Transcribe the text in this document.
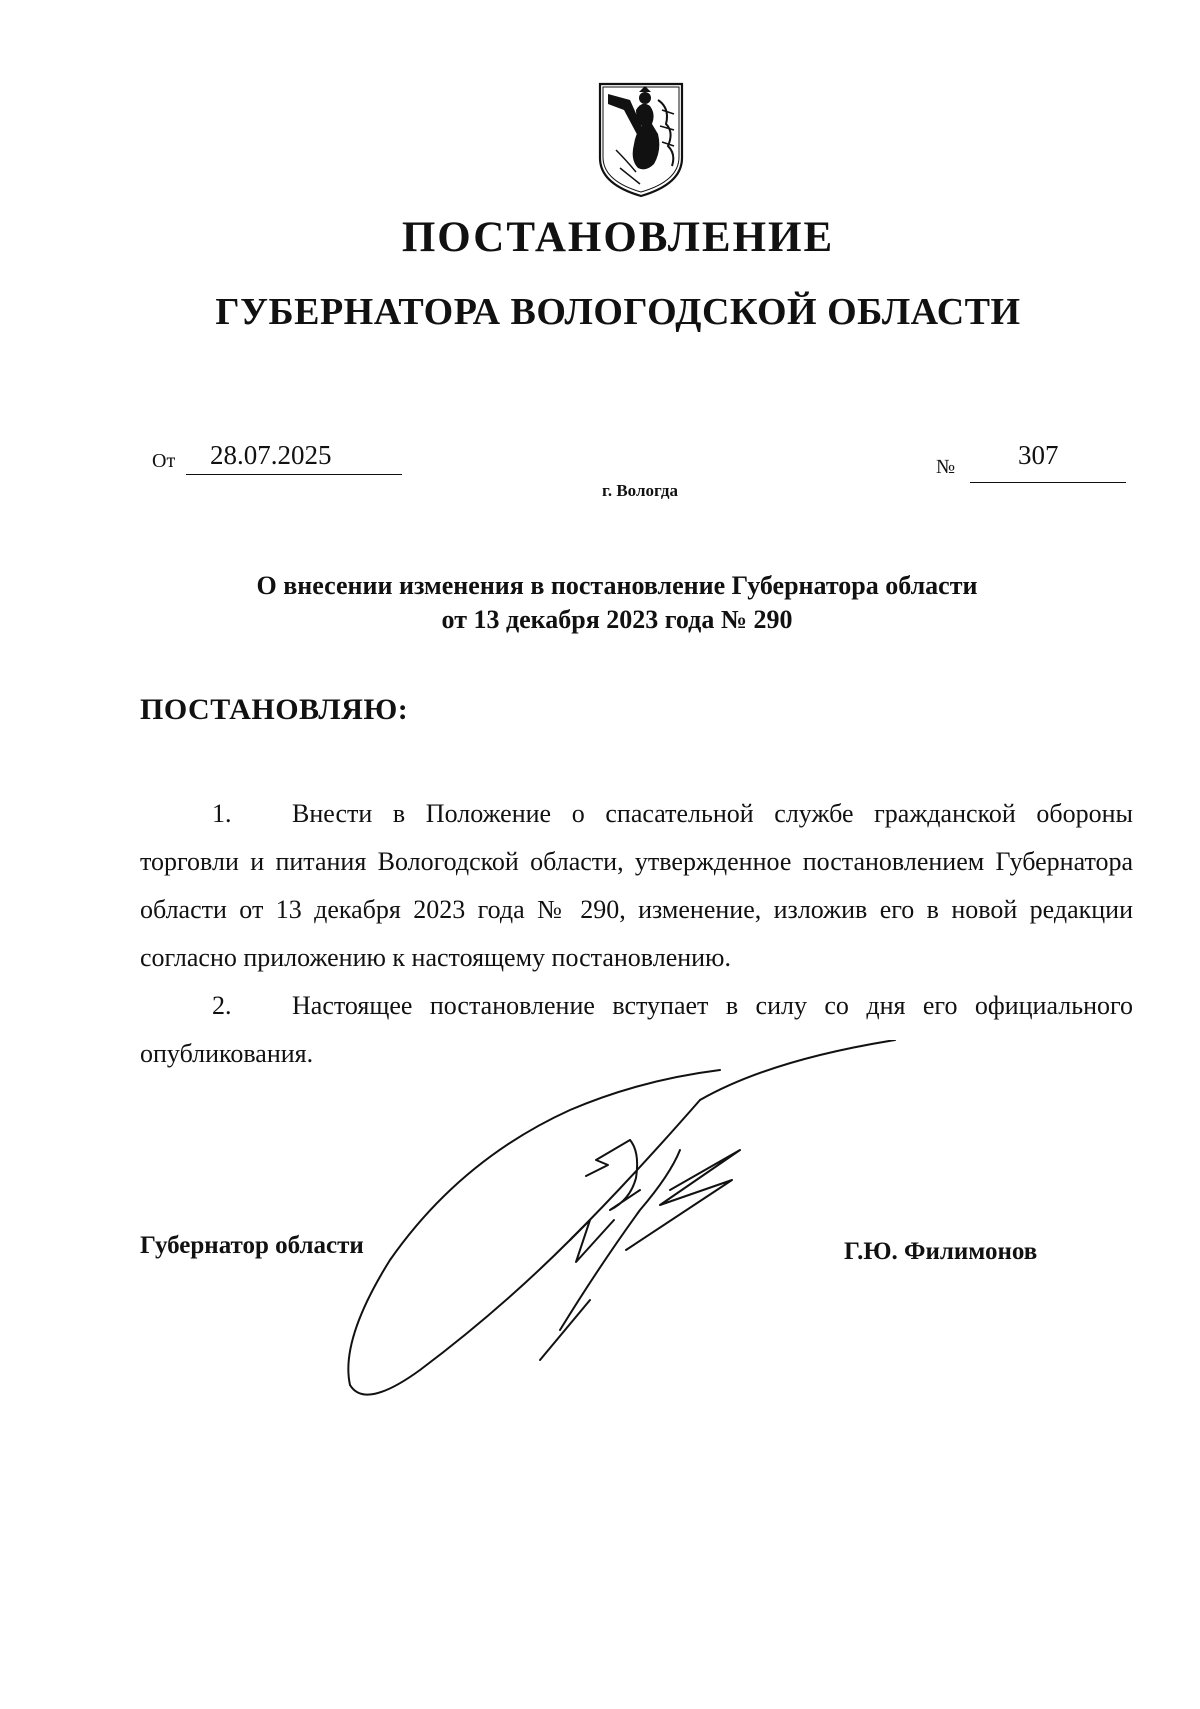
ПОСТАНОВЛЕНИЕ
ГУБЕРНАТОРА ВОЛОГОДСКОЙ ОБЛАСТИ
От 28.07.2025	№ 307
г. Вологда
О внесении изменения в постановление Губернатора области
от 13 декабря 2023 года № 290
ПОСТАНОВЛЯЮ:
1. Внести в Положение о спасательной службе гражданской обороны торговли и питания Вологодской области, утвержденное постановлением Губернатора области от 13 декабря 2023 года № 290, изменение, изложив его в новой редакции согласно приложению к настоящему постановлению.
2. Настоящее постановление вступает в силу со дня его официального опубликования.
Губернатор области	Г.Ю. Филимонов
